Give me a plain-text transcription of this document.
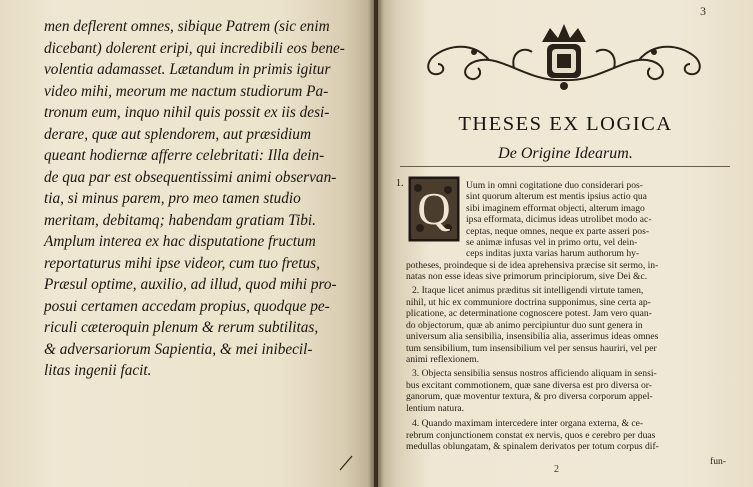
men deflerent omnes, sibique Patrem (sic enim
dicebant) dolerent eripi, qui incredibili eos bene-
volentia adamasset. Lætandum in primis igitur
video mihi, meorum me nactum studiorum Pa-
tronum eum, inquo nihil quis possit ex iis desi-
derare, quæ aut splendorem, aut præsidium
queant hodiernæ afferre celebritati: Illa dein-
de qua par est obsequentissimi animi observan-
tia, si minus parem, pro meo tamen studio
meritam, debitamq; habendam gratiam Tibi.
Amplum interea ex hac disputatione fructum
reportaturus mihi ipse videor, cum tuo fretus,
Præsul optime, auxilio, ad illud, quod mihi pro-
posui certamen accedam propius, quodque pe-
riculi cæteroquin plenum & rerum subtilitas,
& adversariorum Sapientia, & mei inibecil-
litas ingenii facit.
3
THESES EX LOGICA
De Origine Idearum.
1. Q Uum in omni cogitatione duo considerari pos-
sint quorum alterum est mentis ipsius actio qua
sibi imaginem efformat objecti, alterum imago
ipsa efformata, dicimus ideas utrolibet modo ac-
ceptas, neque omnes, neque ex parte asseri pos-
se animæ infusas vel in primo ortu, vel dein-
ceps inditas juxta varias harum authorum hy-
potheses, proindeque si de idea aprehensiva præcise sit sermo, in-
natas non esse ideas sive primorum principiorum, sive Dei &c.
2. Itaque licet animus præditus sit intelligendi virtute tamen,
nihil, ut hic ex communiore doctrina supponimus, sine certa ap-
plicatione, ac determinatione cognoscere potest. Jam vero quan-
do objectorum, quæ ab animo percipiuntur duo sunt genera in
universum alia sensibilia, insensibilia alia, asserimus ideas omnes
tum sensibilium, tum insensibilium vel per sensus hauriri, vel per
animi reflexionem.
3. Objecta sensibilia sensus nostros afficiendo aliquam in sensi-
bus excitant commotionem, quæ sane diversa est pro diversa or-
ganorum, quæ moventur textura, & pro diversa corporum appel-
lentium natura.
4. Quando maximam intercedere inter organa externa, & ce-
rebrum conjunctionem constat ex nervis, quos e cerebro per duas
medullas oblungatam, & spinalem derivatos per totum corpus dif-
2
fun-
